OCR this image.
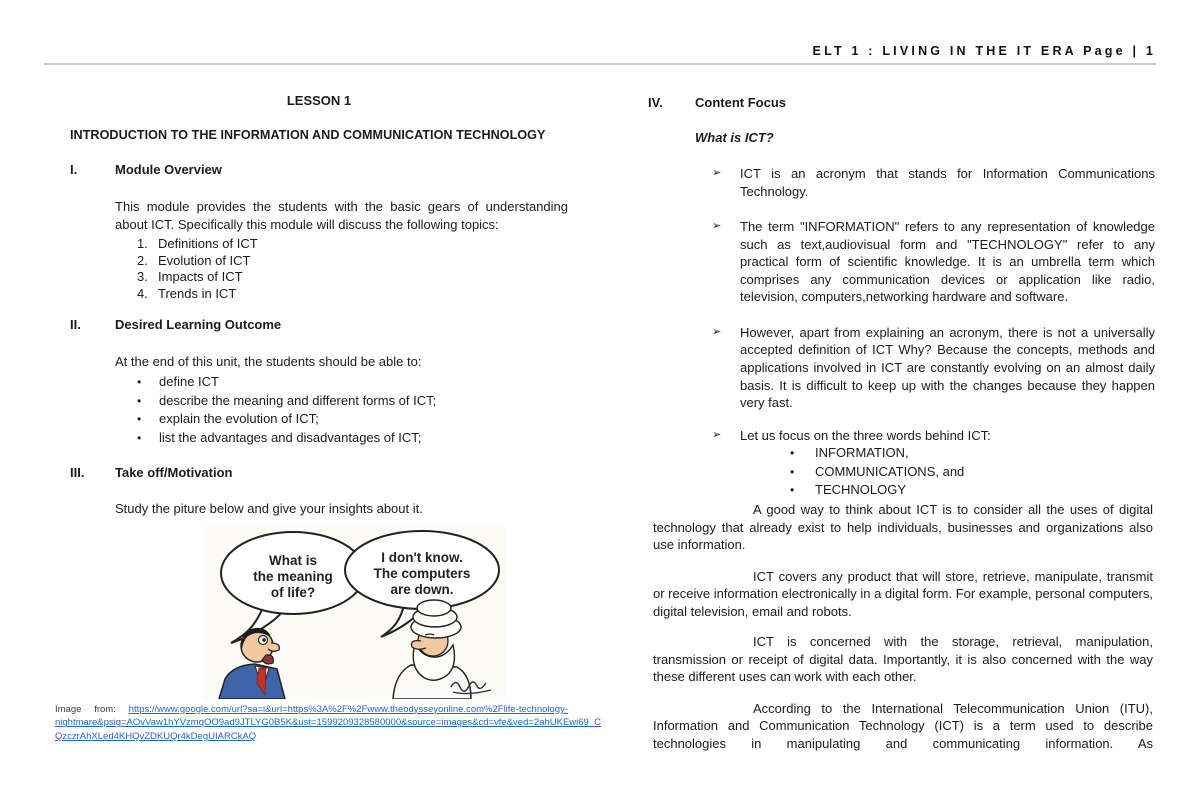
ELT 1 : LIVING IN THE IT ERA Page | 1
LESSON 1
INTRODUCTION TO THE INFORMATION AND COMMUNICATION TECHNOLOGY
I.	Module Overview
This module provides the students with the basic gears of understanding about ICT. Specifically this module will discuss the following topics:
1. Definitions of ICT
2. Evolution of ICT
3. Impacts of ICT
4. Trends in ICT
II.	Desired Learning Outcome
At the end of this unit, the students should be able to:
•	define ICT
•	describe the meaning and different forms of ICT;
•	explain the evolution of ICT;
•	list the advantages and disadvantages of ICT;
III.	Take off/Motivation
Study the piture below and give your insights about it.
What is
the meaning
of life?
I don't know.
The computers
are down.
Image from: https://www.google.com/url?sa=i&url=https%3A%2F%2Fwww.theodysseyonline.com%2Flife-technology-
nightmare&psig=AOvVaw1hYVzmqOO9ad9JTLYG0B5K&ust=1599209328580000&source=images&cd=vfe&ved=2ahUKEwi69_C
QzczrAhXLed4KHQvZDKUQr4kDegUIARCkAQ
IV.	Content Focus
What is ICT?
➢	ICT is an acronym that stands for Information Communications Technology.
➢	The term "INFORMATION" refers to any representation of knowledge such as text,audiovisual form and "TECHNOLOGY" refer to any practical form of scientific knowledge. It is an umbrella term which comprises any communication devices or application like radio, television, computers,networking hardware and software.
➢	However, apart from explaining an acronym, there is not a universally accepted definition of ICT Why? Because the concepts, methods and applications involved in ICT are constantly evolving on an almost daily basis. It is difficult to keep up with the changes because they happen very fast.
➢	Let us focus on the three words behind ICT:
•	INFORMATION,
•	COMMUNICATIONS, and
•	TECHNOLOGY
A good way to think about ICT is to consider all the uses of digital technology that already exist to help individuals, businesses and organizations also use information.
ICT covers any product that will store, retrieve, manipulate, transmit or receive information electronically in a digital form. For example, personal computers, digital television, email and robots.
ICT is concerned with the storage, retrieval, manipulation, transmission or receipt of digital data. Importantly, it is also concerned with the way these different uses can work with each other.
According to the International Telecommunication Union (ITU), Information and Communication Technology (ICT) is a term used to describe technologies in manipulating and communicating information. As
